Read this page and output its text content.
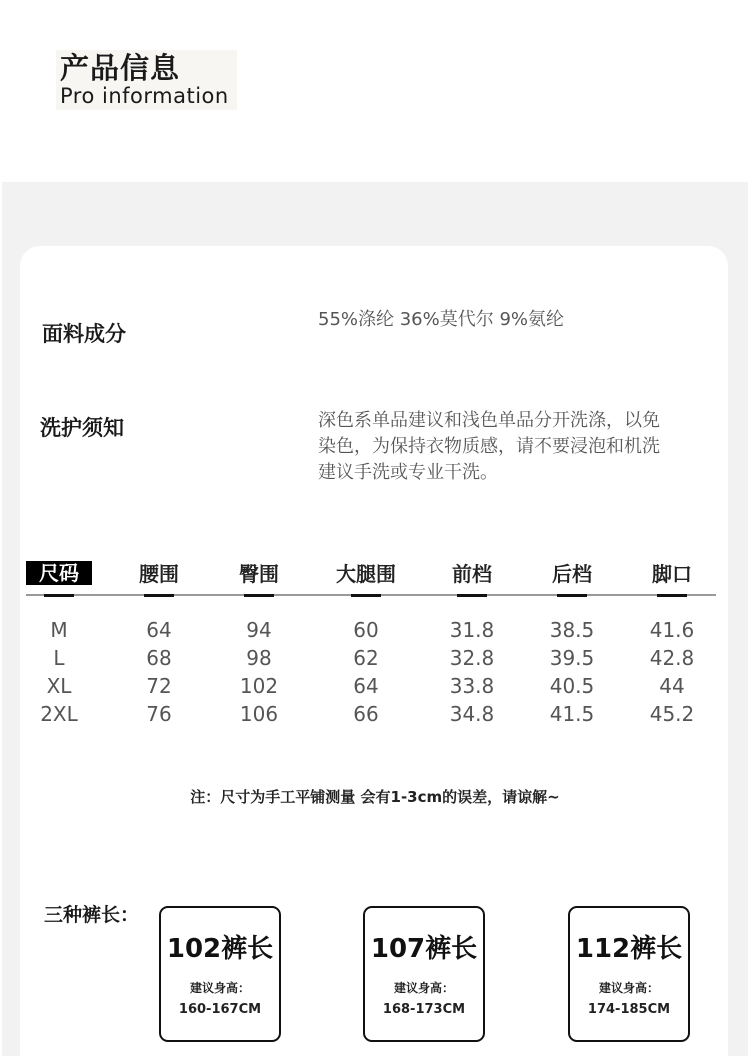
产品信息
Pro information
面料成分
55%涤纶 36%莫代尔 9%氨纶
洗护须知	深色系单品建议和浅色单品分开洗涤，以免
染色，为保持衣物质感，请不要浸泡和机洗
建议手洗或专业干洗。
尺码	腰围	臀围	大腿围	前档	后档	脚口
M	64	94	60	31.8	38.5	41.6
L	68	98	62	32.8	39.5	42.8
XL	72	102	64	33.8	40.5	44
2XL	76	106	66	34.8	41.5	45.2
注：尺寸为手工平铺测量 会有1-3cm的误差，请谅解~
三种裤长：
102裤长
建议身高：
160-167CM
107裤长
建议身高：
168-173CM
112裤长
建议身高：
174-185CM
